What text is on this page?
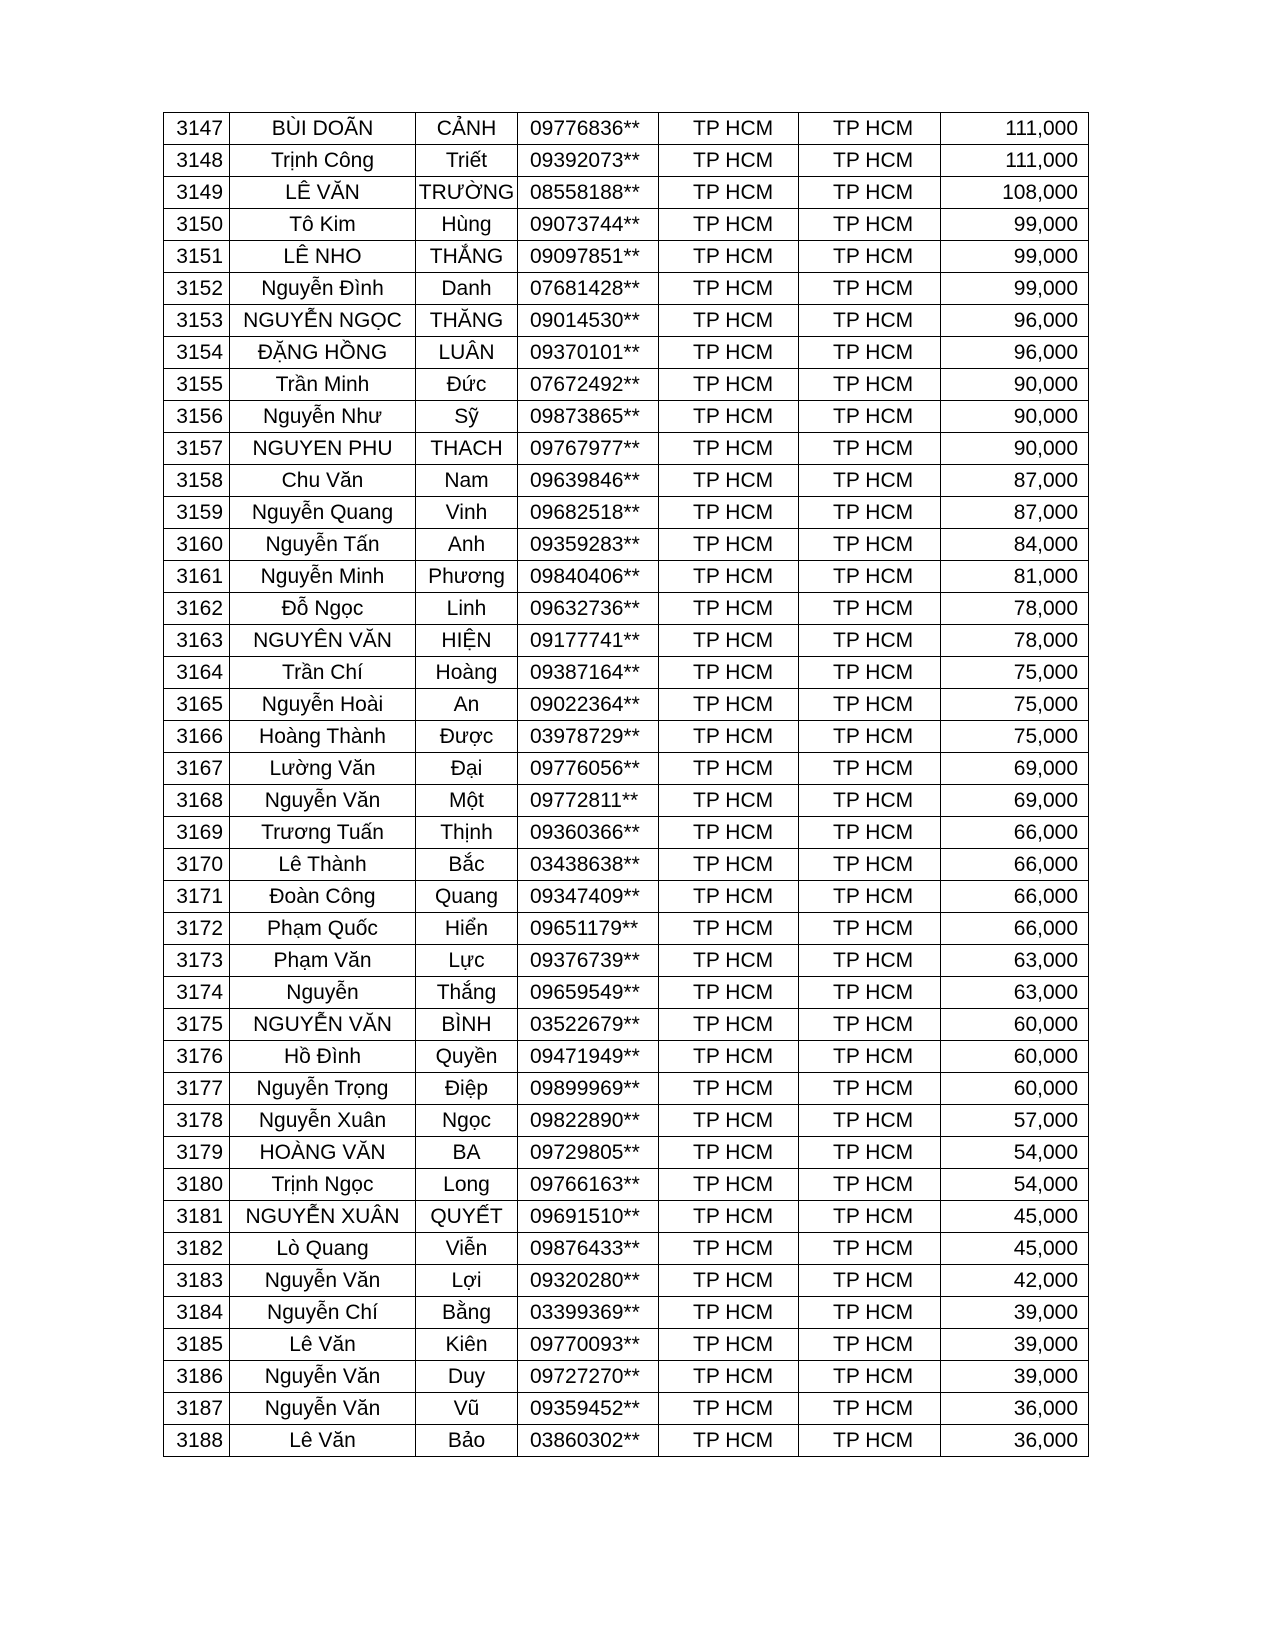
3147	BÙI DOÃN	CẢNH	09776836**	TP HCM	TP HCM	111,000
3148	Trịnh Công	Triết	09392073**	TP HCM	TP HCM	111,000
3149	LÊ VĂN	TRƯỜNG	08558188**	TP HCM	TP HCM	108,000
3150	Tô Kim	Hùng	09073744**	TP HCM	TP HCM	99,000
3151	LÊ NHO	THẮNG	09097851**	TP HCM	TP HCM	99,000
3152	Nguyễn Đình	Danh	07681428**	TP HCM	TP HCM	99,000
3153	NGUYỄN NGỌC	THĂNG	09014530**	TP HCM	TP HCM	96,000
3154	ĐẶNG HỒNG	LUÂN	09370101**	TP HCM	TP HCM	96,000
3155	Trần Minh	Đức	07672492**	TP HCM	TP HCM	90,000
3156	Nguyễn Như	Sỹ	09873865**	TP HCM	TP HCM	90,000
3157	NGUYEN PHU	THACH	09767977**	TP HCM	TP HCM	90,000
3158	Chu Văn	Nam	09639846**	TP HCM	TP HCM	87,000
3159	Nguyễn Quang	Vinh	09682518**	TP HCM	TP HCM	87,000
3160	Nguyễn Tấn	Anh	09359283**	TP HCM	TP HCM	84,000
3161	Nguyễn Minh	Phương	09840406**	TP HCM	TP HCM	81,000
3162	Đỗ Ngọc	Linh	09632736**	TP HCM	TP HCM	78,000
3163	NGUYÊN VĂN	HIỆN	09177741**	TP HCM	TP HCM	78,000
3164	Trần Chí	Hoàng	09387164**	TP HCM	TP HCM	75,000
3165	Nguyễn Hoài	An	09022364**	TP HCM	TP HCM	75,000
3166	Hoàng Thành	Được	03978729**	TP HCM	TP HCM	75,000
3167	Lường Văn	Đại	09776056**	TP HCM	TP HCM	69,000
3168	Nguyễn Văn	Một	09772811**	TP HCM	TP HCM	69,000
3169	Trương Tuấn	Thịnh	09360366**	TP HCM	TP HCM	66,000
3170	Lê Thành	Bắc	03438638**	TP HCM	TP HCM	66,000
3171	Đoàn Công	Quang	09347409**	TP HCM	TP HCM	66,000
3172	Phạm Quốc	Hiển	09651179**	TP HCM	TP HCM	66,000
3173	Phạm Văn	Lực	09376739**	TP HCM	TP HCM	63,000
3174	Nguyễn	Thắng	09659549**	TP HCM	TP HCM	63,000
3175	NGUYỄN VĂN	BÌNH	03522679**	TP HCM	TP HCM	60,000
3176	Hồ Đình	Quyền	09471949**	TP HCM	TP HCM	60,000
3177	Nguyễn Trọng	Điệp	09899969**	TP HCM	TP HCM	60,000
3178	Nguyễn Xuân	Ngọc	09822890**	TP HCM	TP HCM	57,000
3179	HOÀNG VĂN	BA	09729805**	TP HCM	TP HCM	54,000
3180	Trịnh Ngọc	Long	09766163**	TP HCM	TP HCM	54,000
3181	NGUYỄN XUÂN	QUYẾT	09691510**	TP HCM	TP HCM	45,000
3182	Lò Quang	Viễn	09876433**	TP HCM	TP HCM	45,000
3183	Nguyễn Văn	Lợi	09320280**	TP HCM	TP HCM	42,000
3184	Nguyễn Chí	Bằng	03399369**	TP HCM	TP HCM	39,000
3185	Lê Văn	Kiên	09770093**	TP HCM	TP HCM	39,000
3186	Nguyễn Văn	Duy	09727270**	TP HCM	TP HCM	39,000
3187	Nguyễn Văn	Vũ	09359452**	TP HCM	TP HCM	36,000
3188	Lê Văn	Bảo	03860302**	TP HCM	TP HCM	36,000
